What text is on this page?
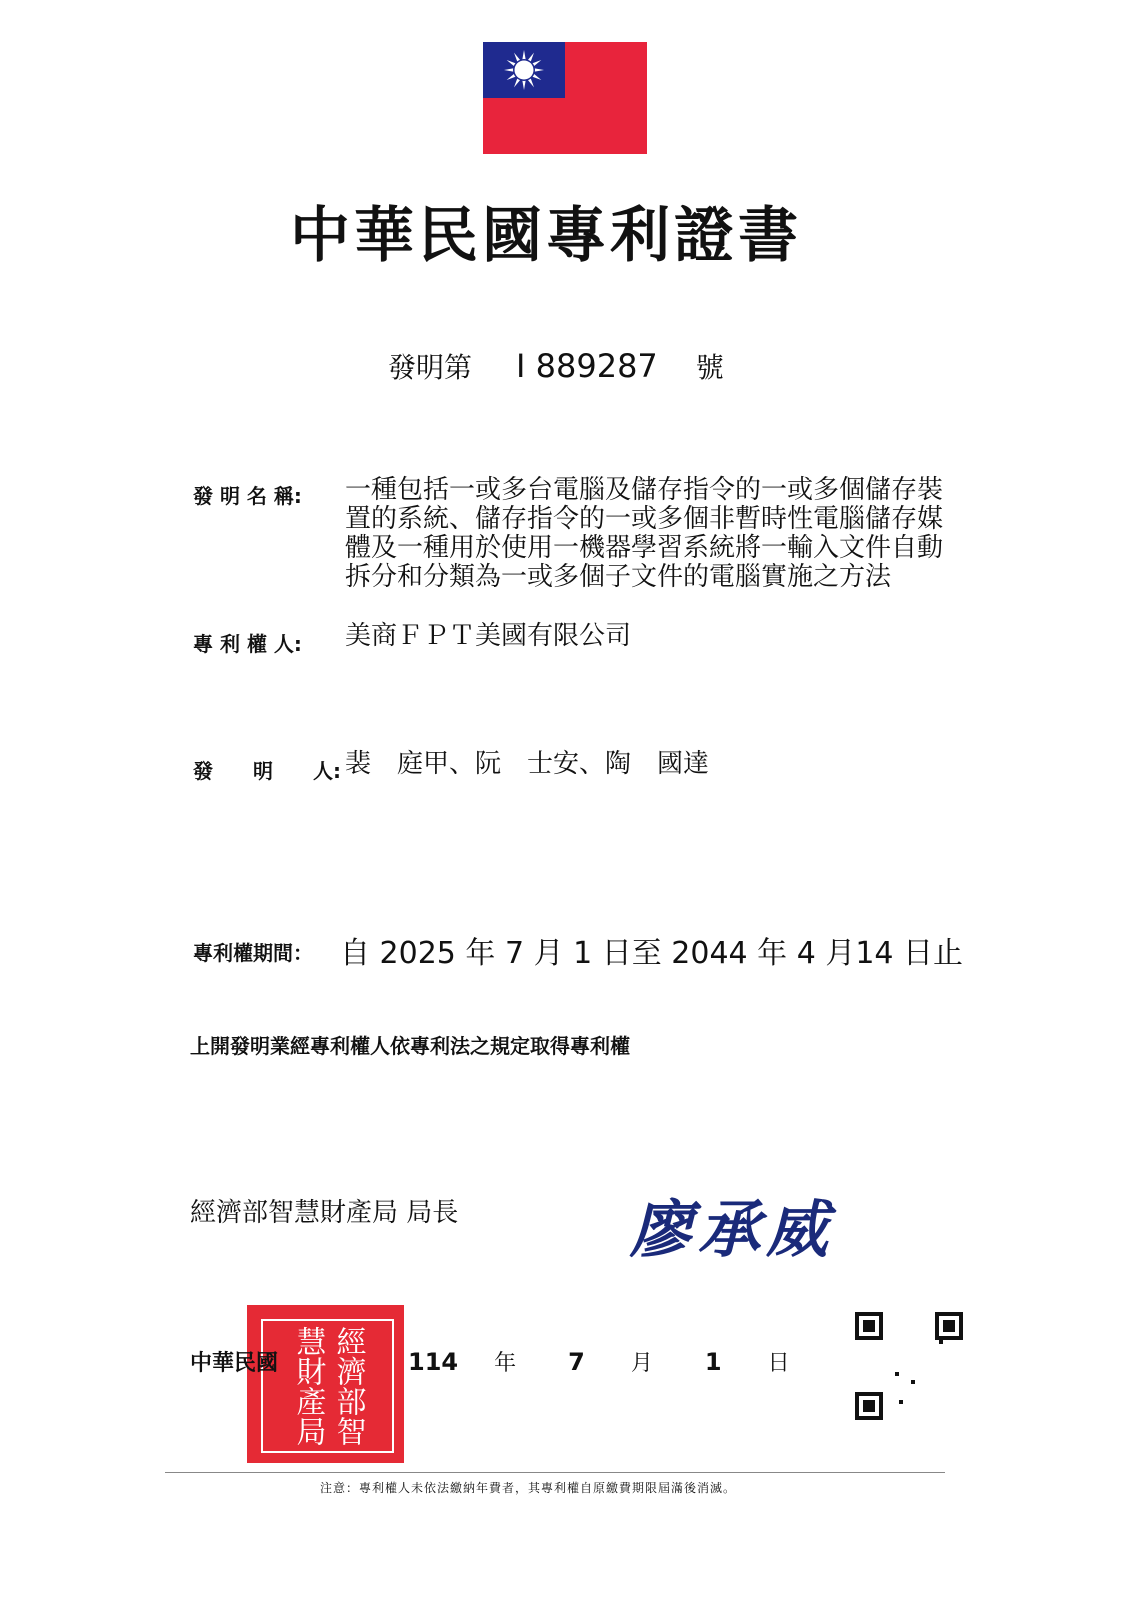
中華民國專利證書
發明第 I 889287 號
發 明 名 稱:	一種包括一或多台電腦及儲存指令的一或多個儲存裝置的系統、儲存指令的一或多個非暫時性電腦儲存媒體及一種用於使用一機器學習系統將一輸入文件自動拆分和分類為一或多個子文件的電腦實施之方法
專 利 權 人:	美商ＦＰＴ美國有限公司
發　　明　　人: 裴　庭甲、阮　士安、陶　國達
專利權期間： 自 2025 年 7 月 1 日至 2044 年 4 月14 日止
上開發明業經專利權人依專利法之規定取得專利權
經濟部智慧財產局 局長	廖承威
經濟部智慧財產局
中華民國	114 年 7 月 1 日
注意：專利權人未依法繳納年費者，其專利權自原繳費期限屆滿後消滅。
